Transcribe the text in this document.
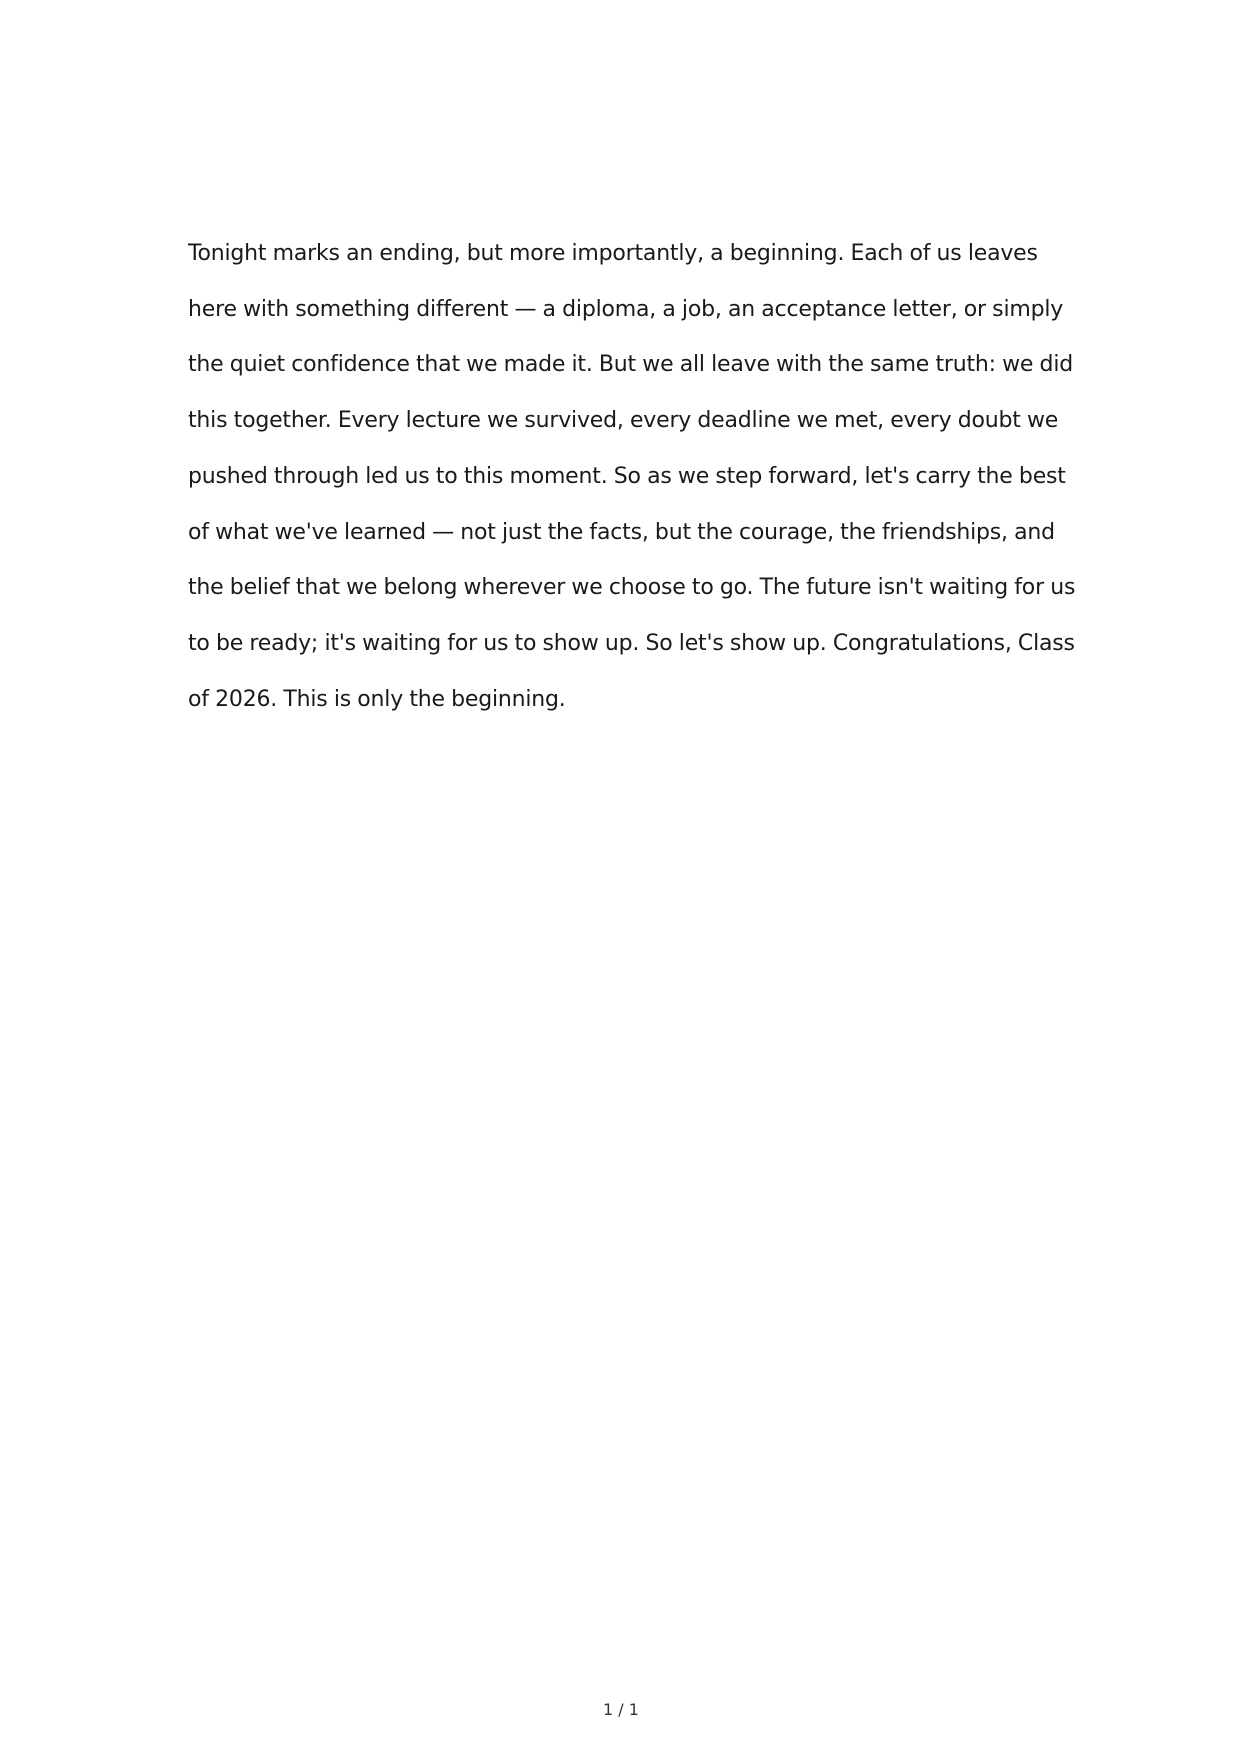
Tonight marks an ending, but more importantly, a beginning. Each of us leaves
here with something different — a diploma, a job, an acceptance letter, or simply
the quiet confidence that we made it. But we all leave with the same truth: we did
this together. Every lecture we survived, every deadline we met, every doubt we
pushed through led us to this moment. So as we step forward, let's carry the best
of what we've learned — not just the facts, but the courage, the friendships, and
the belief that we belong wherever we choose to go. The future isn't waiting for us
to be ready; it's waiting for us to show up. So let's show up. Congratulations, Class
of 2026. This is only the beginning.

1 / 1
